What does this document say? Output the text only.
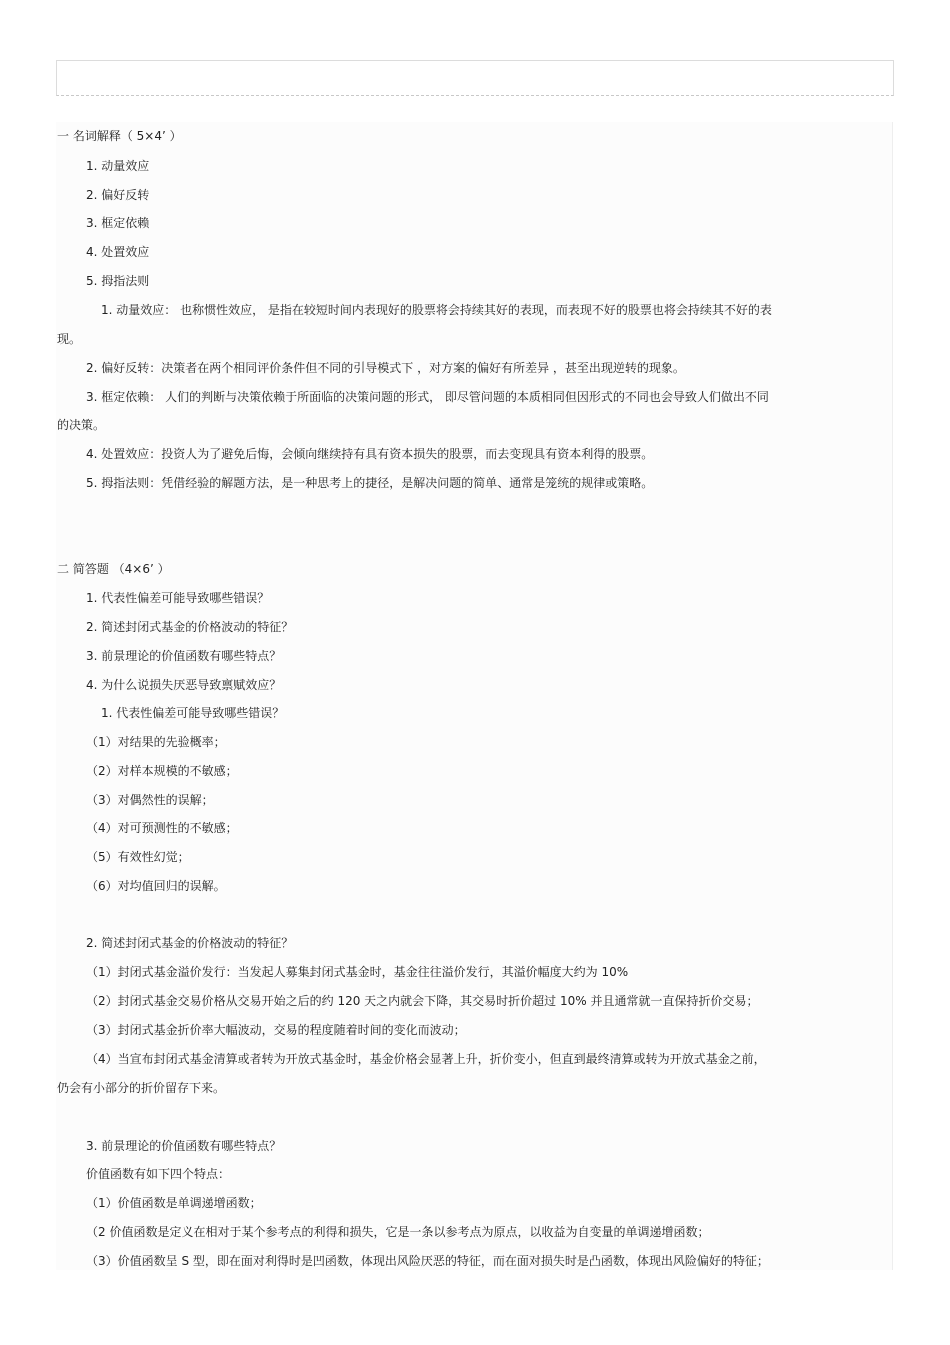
一 名词解释（ 5×4’ ）
1. 动量效应
2. 偏好反转
3. 框定依赖
4. 处置效应
5. 拇指法则
1. 动量效应： 也称惯性效应， 是指在较短时间内表现好的股票将会持续其好的表现，而表现不好的股票也将会持续其不好的表
现。
2. 偏好反转：决策者在两个相同评价条件但不同的引导模式下 ，对方案的偏好有所差异 ，甚至出现逆转的现象。
3. 框定依赖： 人们的判断与决策依赖于所面临的决策问题的形式， 即尽管问题的本质相同但因形式的不同也会导致人们做出不同
的决策。
4. 处置效应：投资人为了避免后悔，会倾向继续持有具有资本损失的股票，而去变现具有资本利得的股票。
5. 拇指法则：凭借经验的解题方法，是一种思考上的捷径，是解决问题的简单、通常是笼统的规律或策略。
二 简答题 （4×6’ ）
1. 代表性偏差可能导致哪些错误？
2. 简述封闭式基金的价格波动的特征？
3. 前景理论的价值函数有哪些特点？
4. 为什么说损失厌恶导致禀赋效应？
1. 代表性偏差可能导致哪些错误？
（1）对结果的先验概率；
（2）对样本规模的不敏感；
（3）对偶然性的误解；
（4）对可预测性的不敏感；
（5）有效性幻觉；
（6）对均值回归的误解。
2. 简述封闭式基金的价格波动的特征？
（1）封闭式基金溢价发行：当发起人募集封闭式基金时，基金往往溢价发行，其溢价幅度大约为 10%
（2）封闭式基金交易价格从交易开始之后的约 120 天之内就会下降，其交易时折价超过 10% 并且通常就一直保持折价交易；
（3）封闭式基金折价率大幅波动，交易的程度随着时间的变化而波动；
（4）当宣布封闭式基金清算或者转为开放式基金时，基金价格会显著上升，折价变小，但直到最终清算或转为开放式基金之前，
仍会有小部分的折价留存下来。
3. 前景理论的价值函数有哪些特点？
价值函数有如下四个特点：
（1）价值函数是单调递增函数；
（2 价值函数是定义在相对于某个参考点的利得和损失，它是一条以参考点为原点，以收益为自变量的单调递增函数；
（3）价值函数呈 S 型，即在面对利得时是凹函数，体现出风险厌恶的特征，而在面对损失时是凸函数，体现出风险偏好的特征；
